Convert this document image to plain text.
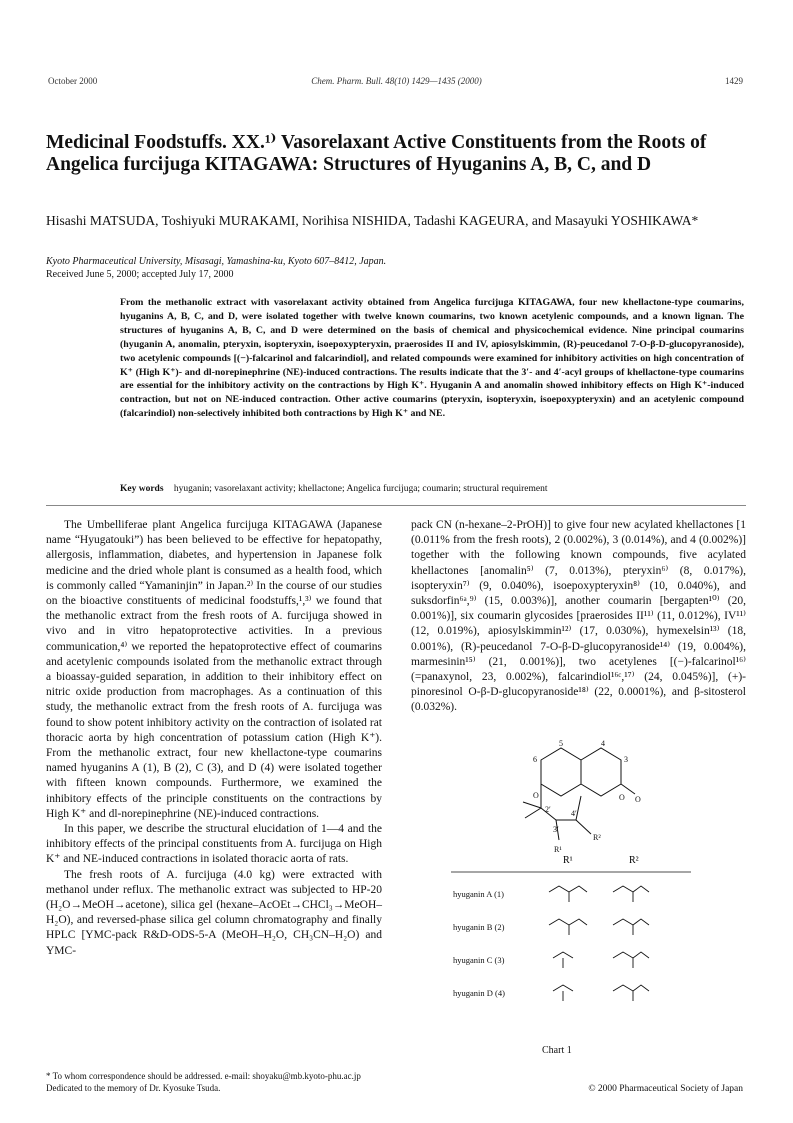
October 2000	Chem. Pharm. Bull. 48(10) 1429—1435 (2000)	1429
Medicinal Foodstuffs. XX.¹⁾ Vasorelaxant Active Constituents from the Roots of Angelica furcijuga KITAGAWA: Structures of Hyuganins A, B, C, and D
Hisashi MATSUDA, Toshiyuki MURAKAMI, Norihisa NISHIDA, Tadashi KAGEURA, and Masayuki YOSHIKAWA*
Kyoto Pharmaceutical University, Misasagi, Yamashina-ku, Kyoto 607–8412, Japan.
Received June 5, 2000; accepted July 17, 2000

From the methanolic extract with vasorelaxant activity obtained from Angelica furcijuga KITAGAWA, four new khellactone-type coumarins, hyuganins A, B, C, and D, were isolated together with twelve known coumarins, two known acetylenic compounds, and a known lignan. The structures of hyuganins A, B, C, and D were determined on the basis of chemical and physicochemical evidence. Nine principal coumarins (hyuganin A, anomalin, pteryxin, isopteryxin, isoepoxypteryxin, praerosides II and IV, apiosylskimmin, (R)-peucedanol 7-O-β-D-glucopyranoside), two acetylenic compounds [(−)-falcarinol and falcarindiol], and related compounds were examined for inhibitory activities on high concentration of K⁺ (High K⁺)- and dl-norepinephrine (NE)-induced contractions. The results indicate that the 3′- and 4′-acyl groups of khellactone-type coumarins are essential for the inhibitory activity on the contractions by High K⁺. Hyuganin A and anomalin showed inhibitory effects on High K⁺-induced contraction, but not on NE-induced contraction. Other active coumarins (pteryxin, isopteryxin, isoepoxypteryxin) and an acetylenic compound (falcarindiol) non-selectively inhibited both contractions by High K⁺ and NE.

Key words hyuganin; vasorelaxant activity; khellactone; Angelica furcijuga; coumarin; structural requirement

The Umbelliferae plant Angelica furcijuga KITAGAWA (Japanese name “Hyugatouki”) has been believed to be effective for hepatopathy, allergosis, inflammation, diabetes, and hypertension in Japanese folk medicine and the dried whole plant is consumed as a health food, which is commonly called “Yamaninjin” in Japan.²⁾ In the course of our studies on the bioactive constituents of medicinal foodstuffs,¹,³⁾ we found that the methanolic extract from the fresh roots of A. furcijuga showed in vivo and in vitro hepatoprotective activities. In a previous communication,⁴⁾ we reported the hepatoprotective effect of coumarins and acetylenic compounds isolated from the methanolic extract through a bioassay-guided separation, in addition to their inhibitory effect on nitric oxide production from macrophages. As a continuation of this study, the methanolic extract from the fresh roots of A. furcijuga was found to show potent inhibitory activity on the contraction of isolated rat thoracic aorta by high concentration of potassium cation (High K⁺). From the methanolic extract, four new khellactone-type coumarins named hyuganins A (1), B (2), C (3), and D (4) were isolated together with fifteen known compounds. Furthermore, we examined the inhibitory effects of the principle constituents on the contractions by High K⁺ and dl-norepinephrine (NE)-induced contractions.

In this paper, we describe the structural elucidation of 1—4 and the inhibitory effects of the principal constituents from A. furcijuga on High K⁺ and NE-induced contractions in isolated thoracic aorta of rats.

The fresh roots of A. furcijuga (4.0 kg) were extracted with methanol under reflux. The methanolic extract was subjected to HP-20 (H₂O→MeOH→acetone), silica gel (hexane–AcOEt→CHCl₃→MeOH–H₂O), and reversed-phase silica gel column chromatography and finally HPLC [YMC-pack R&D-ODS-5-A (MeOH–H₂O, CH₃CN–H₂O) and YMC-

pack CN (n-hexane–2-PrOH)] to give four new acylated khellactones [1 (0.011% from the fresh roots), 2 (0.002%), 3 (0.014%), and 4 (0.002%)] together with the following known compounds, five acylated khellactones [anomalin⁵⁾ (7, 0.013%), pteryxin⁶⁾ (8, 0.017%), isopteryxin⁷⁾ (9, 0.040%), isoepoxypteryxin⁸⁾ (10, 0.040%), and suksdorfin⁶ᵃ,⁹⁾ (15, 0.003%)], another coumarin [bergapten¹⁰⁾ (20, 0.001%)], six coumarin glycosides [praerosides II¹¹⁾ (11, 0.012%), IV¹¹⁾ (12, 0.019%), apiosylskimmin¹²⁾ (17, 0.030%), hymexelsin¹³⁾ (18, 0.001%), (R)-peucedanol 7-O-β-D-glucopyranoside¹⁴⁾ (19, 0.004%), marmesinin¹⁵⁾ (21, 0.001%)], two acetylenes [(−)-falcarinol¹⁶⁾ (=panaxynol, 23, 0.002%), falcarindiol¹⁶ᶜ,¹⁷⁾ (24, 0.045%)], (+)-pinoresinol O-β-D-glucopyranoside¹⁸⁾ (22, 0.0001%), and β-sitosterol (0.032%).

5	4
6	3
O	O O
2′
3′
4′
R²
R¹
R¹	R²
hyuganin A (1)
hyuganin B (2)
hyuganin C (3)
hyuganin D (4)
Chart 1
* To whom correspondence should be addressed. e-mail: shoyaku@mb.kyoto-phu.ac.jp
Dedicated to the memory of Dr. Kyosuke Tsuda.	© 2000 Pharmaceutical Society of Japan
